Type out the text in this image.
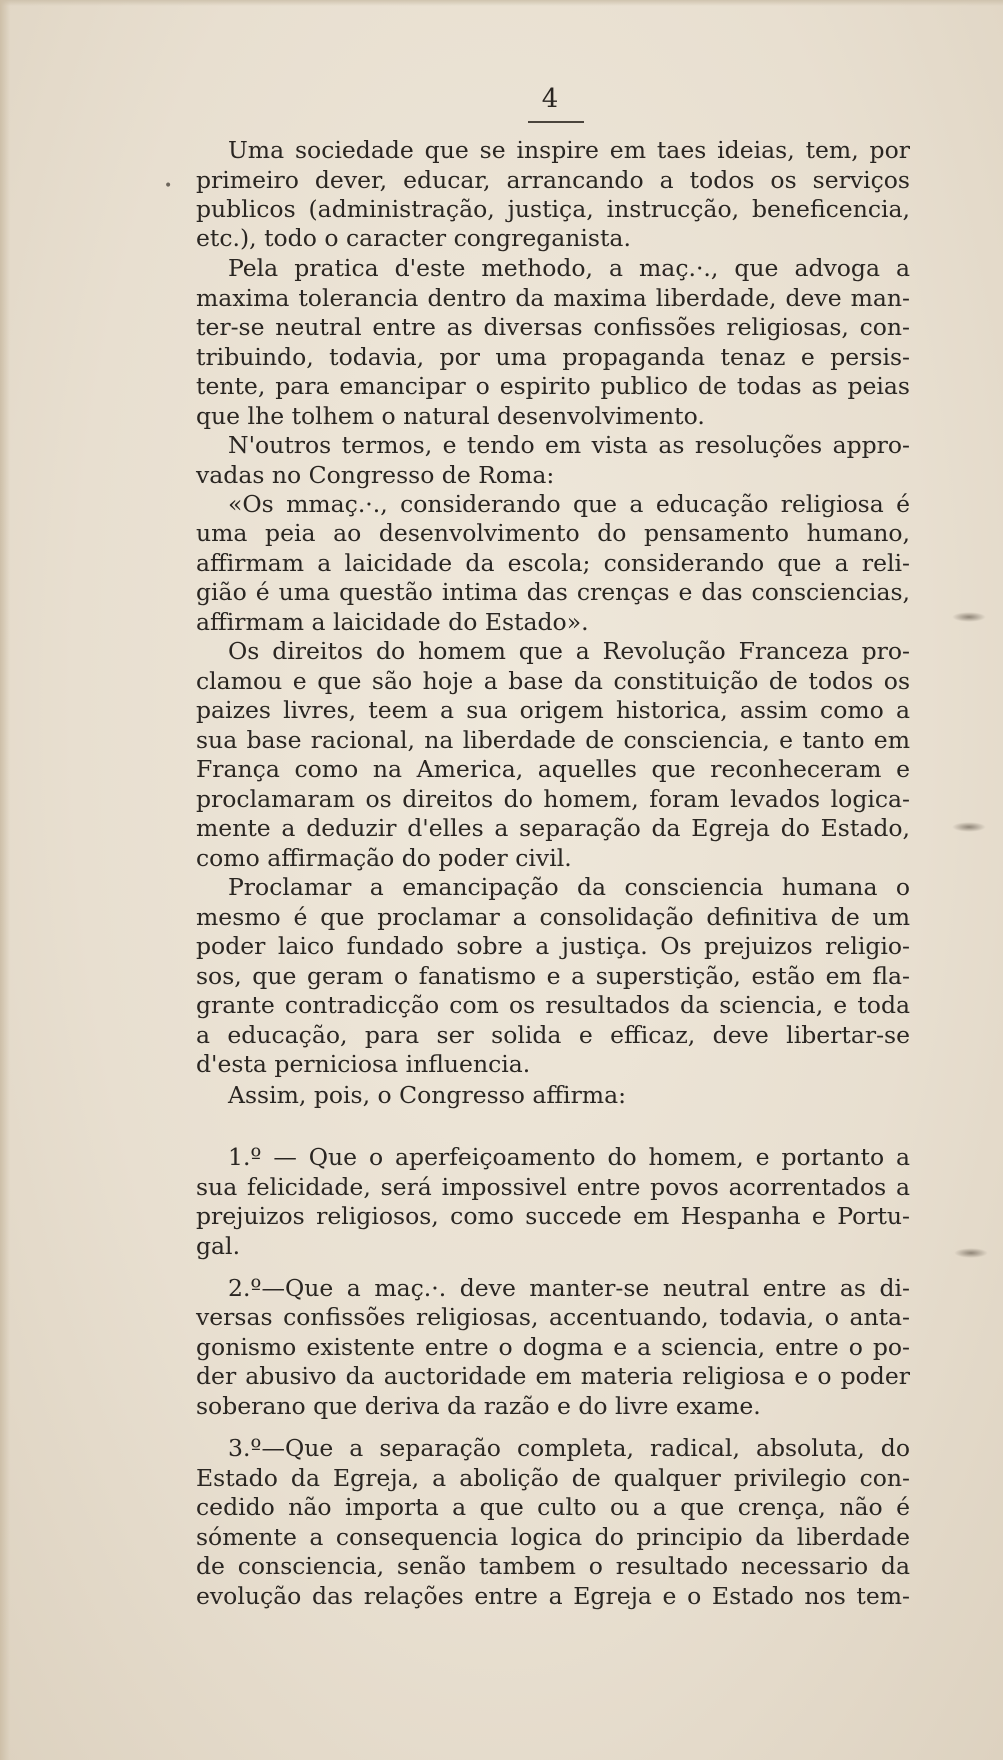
4
•
Uma sociedade que se inspire em taes ideias, tem, por
primeiro dever, educar, arrancando a todos os serviços
publicos (administração, justiça, instrucção, beneficencia,
etc.), todo o caracter congreganista.
Pela pratica d'este methodo, a maç.·., que advoga a
maxima tolerancia dentro da maxima liberdade, deve man-
ter-se neutral entre as diversas confissões religiosas, con-
tribuindo, todavia, por uma propaganda tenaz e persis-
tente, para emancipar o espirito publico de todas as peias
que lhe tolhem o natural desenvolvimento.
N'outros termos, e tendo em vista as resoluções appro-
vadas no Congresso de Roma:
«Os mmaç.·., considerando que a educação religiosa é
uma peia ao desenvolvimento do pensamento humano,
affirmam a laicidade da escola; considerando que a reli-
gião é uma questão intima das crenças e das consciencias,
affirmam a laicidade do Estado».
Os direitos do homem que a Revolução Franceza pro-
clamou e que são hoje a base da constituição de todos os
paizes livres, teem a sua origem historica, assim como a
sua base racional, na liberdade de consciencia, e tanto em
França como na America, aquelles que reconheceram e
proclamaram os direitos do homem, foram levados logica-
mente a deduzir d'elles a separação da Egreja do Estado,
como affirmação do poder civil.
Proclamar a emancipação da consciencia humana o
mesmo é que proclamar a consolidação definitiva de um
poder laico fundado sobre a justiça. Os prejuizos religio-
sos, que geram o fanatismo e a superstição, estão em fla-
grante contradicção com os resultados da sciencia, e toda
a educação, para ser solida e efficaz, deve libertar-se
d'esta perniciosa influencia.
Assim, pois, o Congresso affirma:
1.º — Que o aperfeiçoamento do homem, e portanto a
sua felicidade, será impossivel entre povos acorrentados a
prejuizos religiosos, como succede em Hespanha e Portu-
gal.
2.º—Que a maç.·. deve manter-se neutral entre as di-
versas confissões religiosas, accentuando, todavia, o anta-
gonismo existente entre o dogma e a sciencia, entre o po-
der abusivo da auctoridade em materia religiosa e o poder
soberano que deriva da razão e do livre exame.
3.º—Que a separação completa, radical, absoluta, do
Estado da Egreja, a abolição de qualquer privilegio con-
cedido não importa a que culto ou a que crença, não é
sómente a consequencia logica do principio da liberdade
de consciencia, senão tambem o resultado necessario da
evolução das relações entre a Egreja e o Estado nos tem-
